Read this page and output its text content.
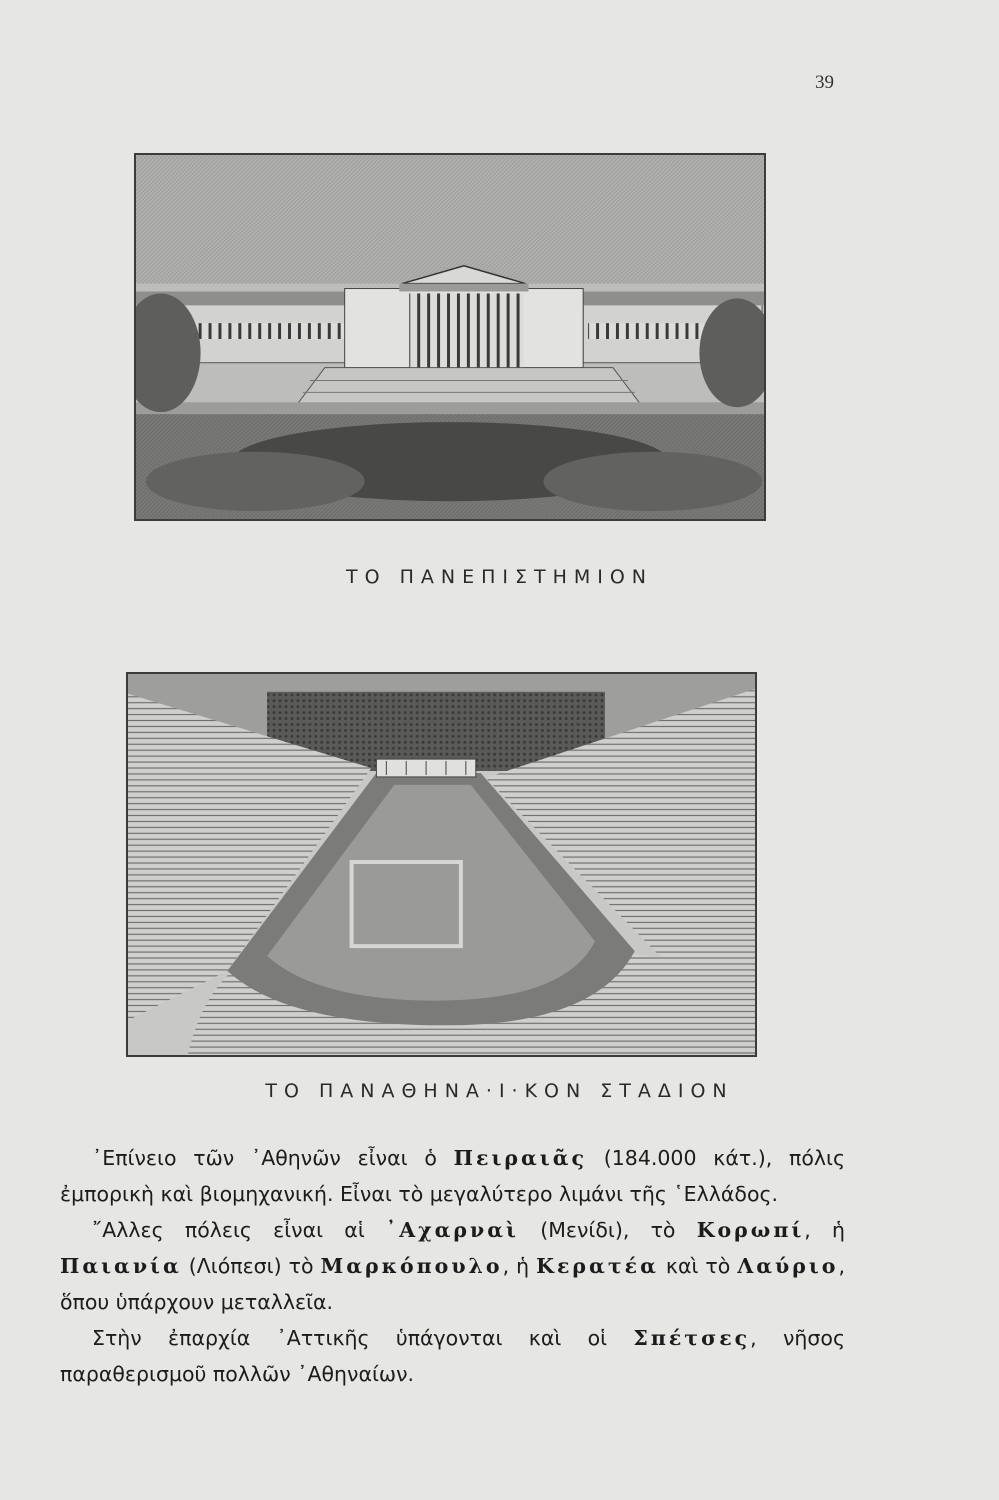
39
ΤΟ ΠΑΝΕΠΙΣΤΗΜΙΟΝ
ΤΟ ΠΑΝΑΘΗΝΑ·Ι·ΚΟΝ ΣΤΑΔΙΟΝ

᾿Επίνειο τῶν ᾿Αθηνῶν εἶναι ὁ Πειραιᾶς (184.000 κάτ.), πόλις ἐμπορικὴ καὶ βιομηχανική. Εἶναι τὸ μεγαλύτερο λιμάνι τῆς ῾Ελλάδος.

῎Αλλες πόλεις εἶναι αἱ ᾿Αχαρναὶ (Μενίδι), τὸ Κορωπί, ἡ Παιανία (Λιόπεσι) τὸ Μαρκόπουλο, ἡ Κερατέα καὶ τὸ Λαύριο, ὅπου ὑπάρχουν μεταλλεῖα.

Στὴν ἐπαρχία ᾿Αττικῆς ὑπάγονται καὶ οἱ Σπέτσες, νῆσος παραθερισμοῦ πολλῶν ᾿Αθηναίων.
